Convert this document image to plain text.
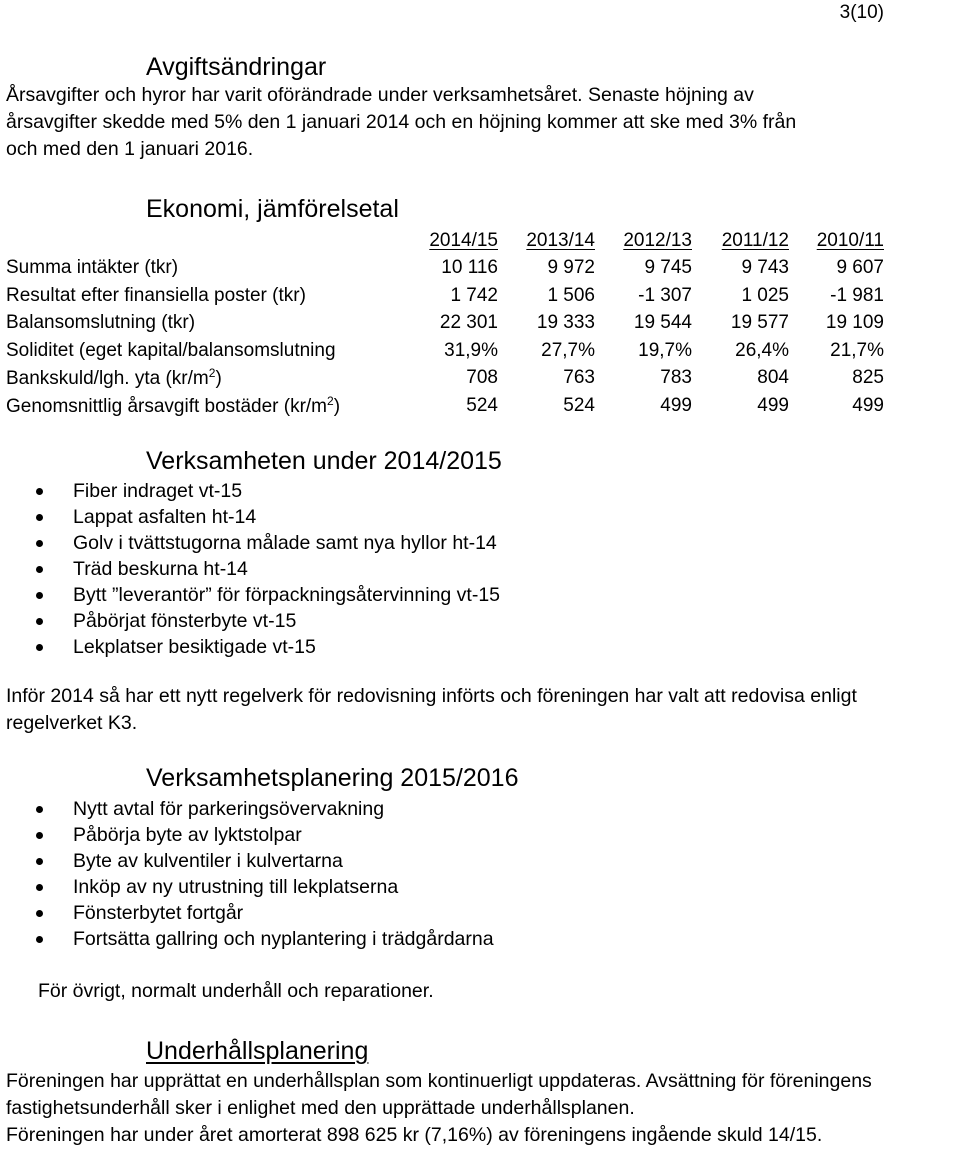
3(10)
Avgiftsändringar
Årsavgifter och hyror har varit oförändrade under verksamhetsåret. Senaste höjning av
årsavgifter skedde med 5% den 1 januari 2014 och en höjning kommer att ske med 3% från
och med den 1 januari 2016.
Ekonomi, jämförelsetal
	2014/15	2013/14	2012/13	2011/12	2010/11
Summa intäkter (tkr)	10 116	9 972	9 745	9 743	9 607
Resultat efter finansiella poster (tkr)	1 742	1 506	-1 307	1 025	-1 981
Balansomslutning (tkr)	22 301	19 333	19 544	19 577	19 109
Soliditet (eget kapital/balansomslutning	31,9%	27,7%	19,7%	26,4%	21,7%
Bankskuld/lgh. yta $(kr/m^2)$	708	763	783	804	825
Genomsnittlig årsavgift bostäder $(kr/m^2)$	524	524	499	499	499
Verksamheten under 2014/2015
Fiber indraget vt-15
Lappat asfalten ht-14
Golv i tvättstugorna målade samt nya hyllor ht-14
Träd beskurna ht-14
Bytt ”leverantör” för förpackningsåtervinning vt-15
Påbörjat fönsterbyte vt-15
Lekplatser besiktigade vt-15
Inför 2014 så har ett nytt regelverk för redovisning införts och föreningen har valt att redovisa enligt
regelverket K3.
Verksamhetsplanering 2015/2016
Nytt avtal för parkeringsövervakning
Påbörja byte av lyktstolpar
Byte av kulventiler i kulvertarna
Inköp av ny utrustning till lekplatserna
Fönsterbytet fortgår
Fortsätta gallring och nyplantering i trädgårdarna
För övrigt, normalt underhåll och reparationer.
Underhållsplanering
Föreningen har upprättat en underhållsplan som kontinuerligt uppdateras. Avsättning för föreningens
fastighetsunderhåll sker i enlighet med den upprättade underhållsplanen.
Föreningen har under året amorterat 898 625 kr (7,16%) av föreningens ingående skuld 14/15.
